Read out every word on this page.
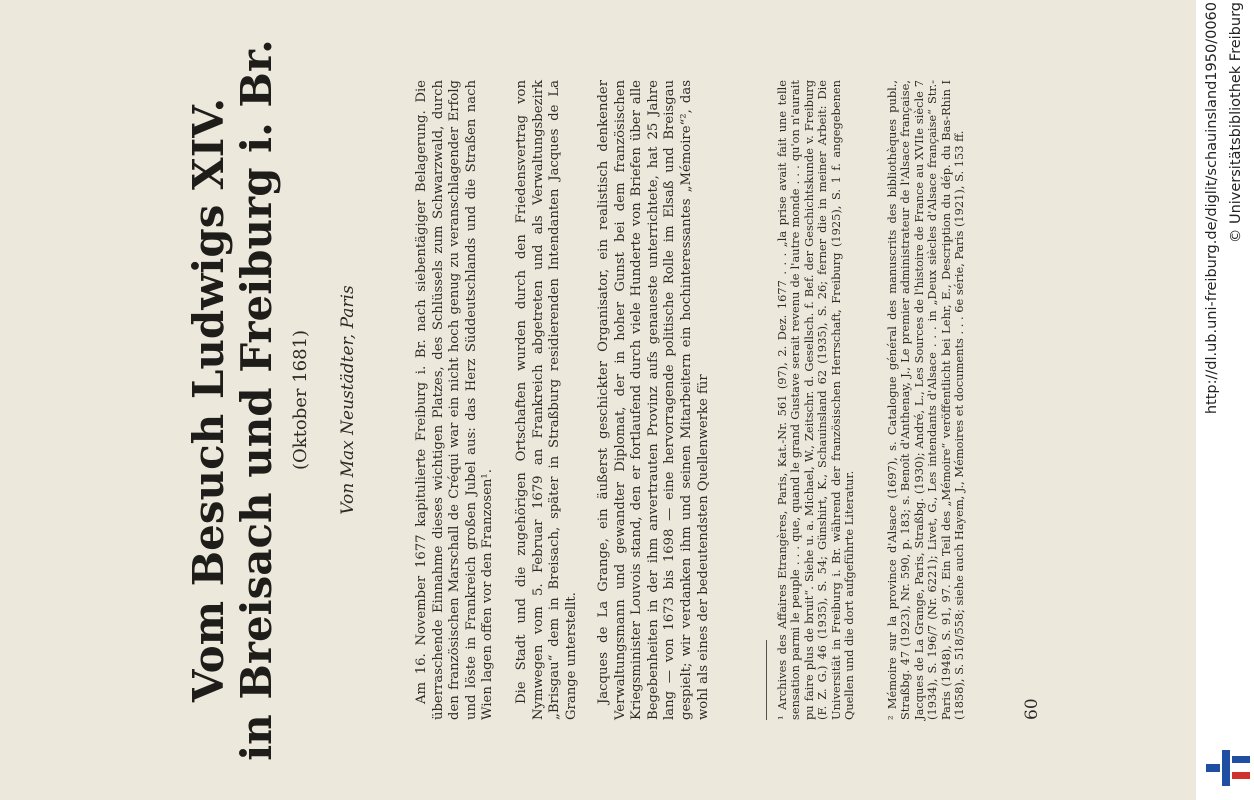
Vom Besuch Ludwigs XIV. in Breisach und Freiburg i. Br. (Oktober 1681) Von Max Neustädter, Paris	Am 16. November 1677 kapitulierte Freiburg i. Br. nach siebentägiger Belagerung. Die überraschende Einnahme dieses wichtigen Platzes, des Schlüssels zum Schwarzwald, durch den französischen Marschall de Créqui war ein nicht hoch genug zu veranschlagender Erfolg und löste in Frankreich großen Jubel aus: das Herz Süddeutschlands und die Straßen nach Wien lagen offen vor den Franzosen¹. Die Stadt und die zugehörigen Ortschaften wurden durch den Friedensvertrag von Nymwegen vom 5. Februar 1679 an Frankreich abgetreten und als Verwaltungsbezirk „Brisgau“ dem in Breisach, später in Straßburg residierenden Intendanten Jacques de La Grange unterstellt. Jacques de La Grange, ein äußerst geschickter Organisator, ein realistisch denkender Verwaltungsmann und gewandter Diplomat, der in hoher Gunst bei dem französischen Kriegsminister Louvois stand, den er fortlaufend durch viele Hunderte von Briefen über alle Begebenheiten in der ihm anvertrauten Provinz aufs genaueste unterrichtete, hat 25 Jahre lang — von 1673 bis 1698 — eine hervorragende politische Rolle im Elsaß und Breisgau gespielt; wir verdanken ihm und seinen Mitarbeitern ein hochinteressantes „Mémoire“², das wohl als eines der bedeutendsten Quellenwerke für	¹ Archives des Affaires Etrangères, Paris, Kat.-Nr. 561 (97), 2. Dez. 1677 . . . „la prise avait fait une telle sensation parmi le peuple . . . que, quand le grand Gustave serait revenu de l'autre monde . . . qu'on n'aurait pu faire plus de bruit“. Siehe u. a. Michael, W., Zeitschr. d. Gesellsch. f. Bef. der Geschichtskunde v. Freiburg (F. Z. G.) 46 (1935), S. 54; Günshirt, K., Schauinsland 62 (1935), S. 26; ferner die in meiner Arbeit: Die Universität in Freiburg i. Br. während der französischen Herrschaft, Freiburg (1925), S. 1 f. angegebenen Quellen und die dort aufgeführte Literatur.	² Mémoire sur la province d'Alsace (1697), s. Catalogue général des manuscrits des bibliothèques publ., Straßbg. 47 (1923), Nr. 590, p. 183; s. Benoît d'Anthenay, J., Le premier administrateur de l'Alsace française, Jacques de La Grange, Paris, Straßbg. (1930); André, L., Les Sources de l'histoire de France au XVIIe siècle 7 (1934), S. 196/7 (Nr. 6221); Livet, G., Les intendants d'Alsace . . . in „Deux siècles d'Alsace française“ Str.-Paris (1948), S. 91, 97. Ein Teil des „Mémoire“ veröffentlicht bei Lehr, E., Description du dép. du Bas-Rhin I (1858), S. 518/558; siehe auch Hayem, J., Mémoires et documents . . . 6e série, Paris (1921), S. 153 ff.	60
http://dl.ub.uni-freiburg.de/diglit/schauinsland1950/0060 © Universitätsbibliothek Freiburg
